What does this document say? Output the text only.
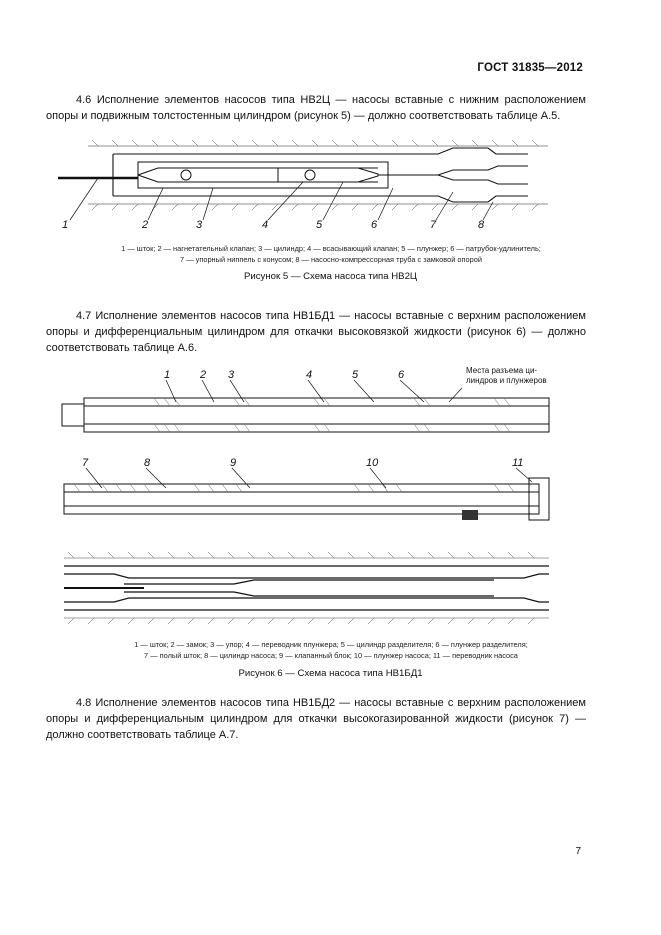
ГОСТ 31835—2012
4.6 Исполнение элементов насосов типа НВ2Ц — насосы вставные с нижним расположением опоры и подвижным толстостенным цилиндром (рисунок 5) — должно соответствовать таблице А.5.
1	2	3	4	5	6	7	8
1 — шток; 2 — нагнетательный клапан; 3 — цилиндр; 4 — всасывающий клапан; 5 — плунжер; 6 — патрубок-удлинитель;
7 — упорный ниппель с конусом; 8 — насосно-компрессорная труба с замковой опорой
Рисунок 5 — Схема насоса типа НВ2Ц
4.7 Исполнение элементов насосов типа НВ1БД1 — насосы вставные с верхним расположением опоры и дифференциальным цилиндром для откачки высоковязкой жидкости (рисунок 6) — должно соответствовать таблице А.6.
1	2 3	4	5	6	Места разъема ци-
линдров и плунжеров
7	8	9	10	11
1 — шток; 2 — замок; 3 — упор; 4 — переводник плунжера; 5 — цилиндр разделителя; 6 — плунжер разделителя;
7 — полый шток; 8 — цилиндр насоса; 9 — клапанный блок; 10 — плунжер насоса; 11 — переводник насоса
Рисунок 6 — Схема насоса типа НВ1БД1
4.8 Исполнение элементов насосов типа НВ1БД2 — насосы вставные с верхним расположением опоры и дифференциальным цилиндром для откачки высокогазированной жидкости (рисунок 7) — должно соответствовать таблице А.7.
7
